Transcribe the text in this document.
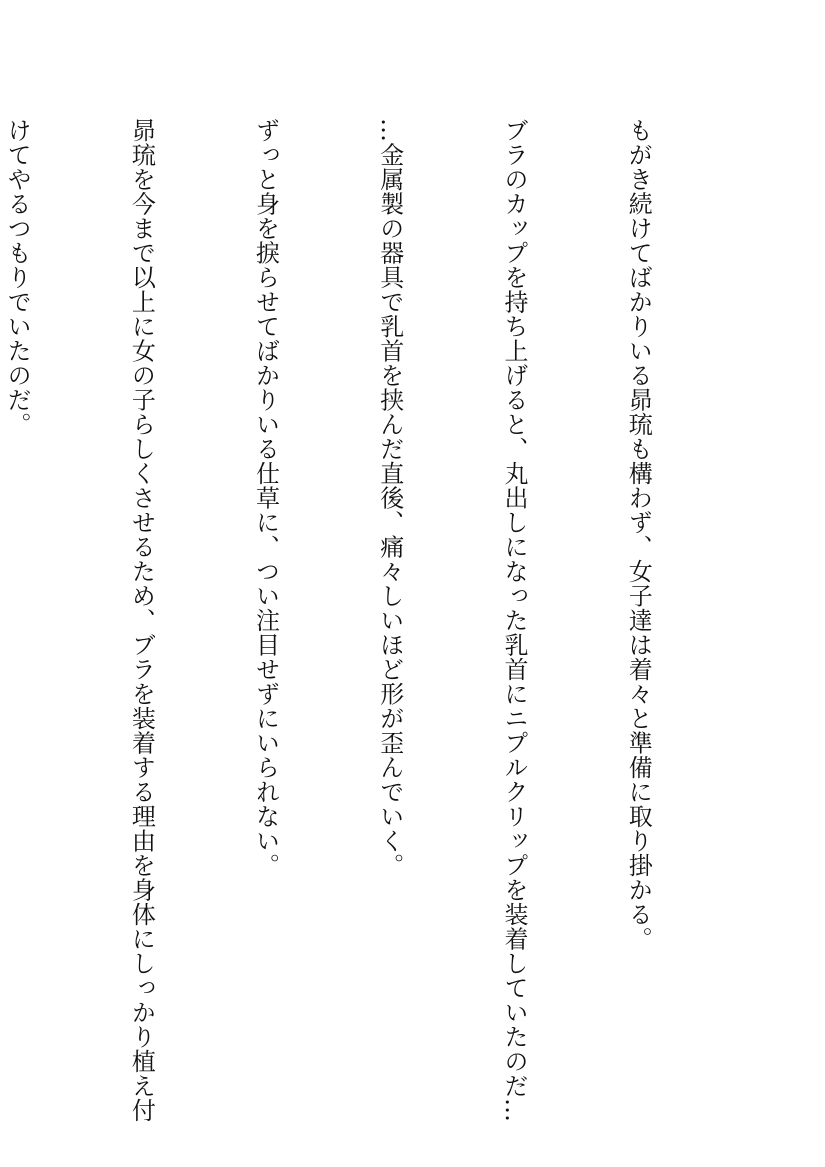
もがき続けてばかりいる昴琉も構わず、女子達は着々と準備に取り掛かる。

ブラのカップを持ち上げると、丸出しになった乳首にニプルクリップを装着していたのだ…

…金属製の器具で乳首を挟んだ直後、痛々しいほど形が歪んでいく。

ずっと身を捩らせてばかりいる仕草に、つい注目せずにいられない。

昴琉を今まで以上に女の子らしくさせるため、ブラを装着する理由を身体にしっかり植え付

けてやるつもりでいたのだ。
